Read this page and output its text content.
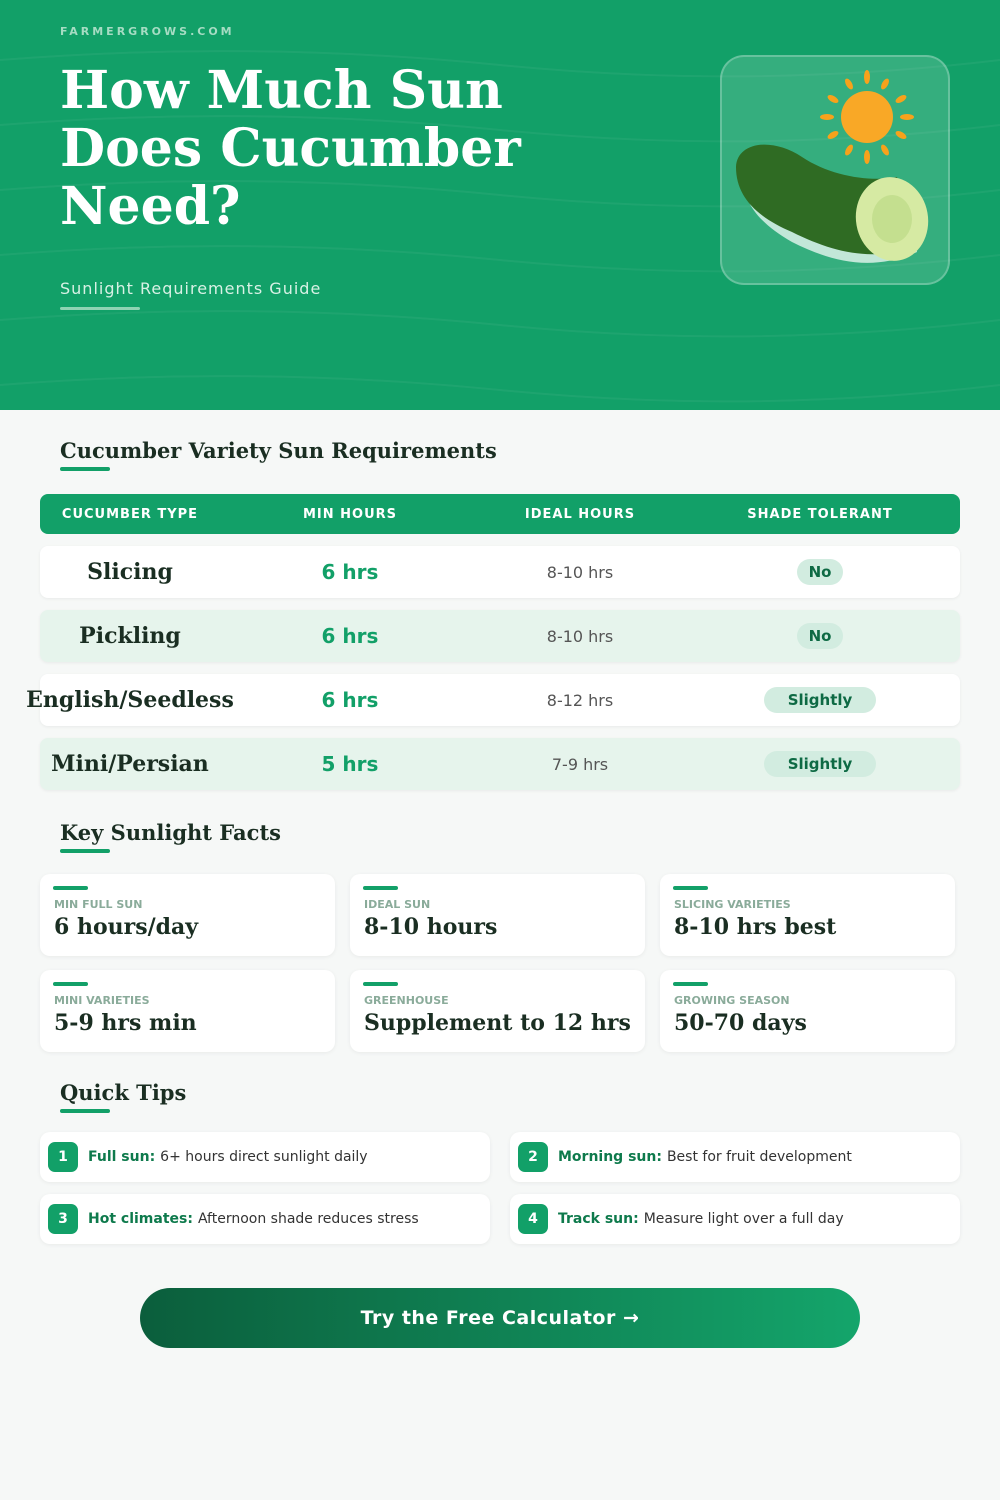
FARMERGROWS.COM
How Much Sun Does Cucumber Need?
Sunlight Requirements Guide
Cucumber Variety Sun Requirements
CUCUMBER TYPE	MIN HOURS	IDEAL HOURS	SHADE TOLERANT
Slicing	6 hrs	8-10 hrs	No
Pickling	6 hrs	8-10 hrs	No
English/Seedless	6 hrs	8-12 hrs	Slightly
Mini/Persian	5 hrs	7-9 hrs	Slightly
Key Sunlight Facts
MIN FULL SUN
6 hours/day
IDEAL SUN
8-10 hours
SLICING VARIETIES
8-10 hrs best
MINI VARIETIES
5-9 hrs min
GREENHOUSE
Supplement to 12 hrs
GROWING SEASON
50-70 days
Quick Tips
1	Full sun: 6+ hours direct sunlight daily	2	Morning sun: Best for fruit development
3	Hot climates: Afternoon shade reduces stress	4	Track sun: Measure light over a full day
Try the Free Calculator →
